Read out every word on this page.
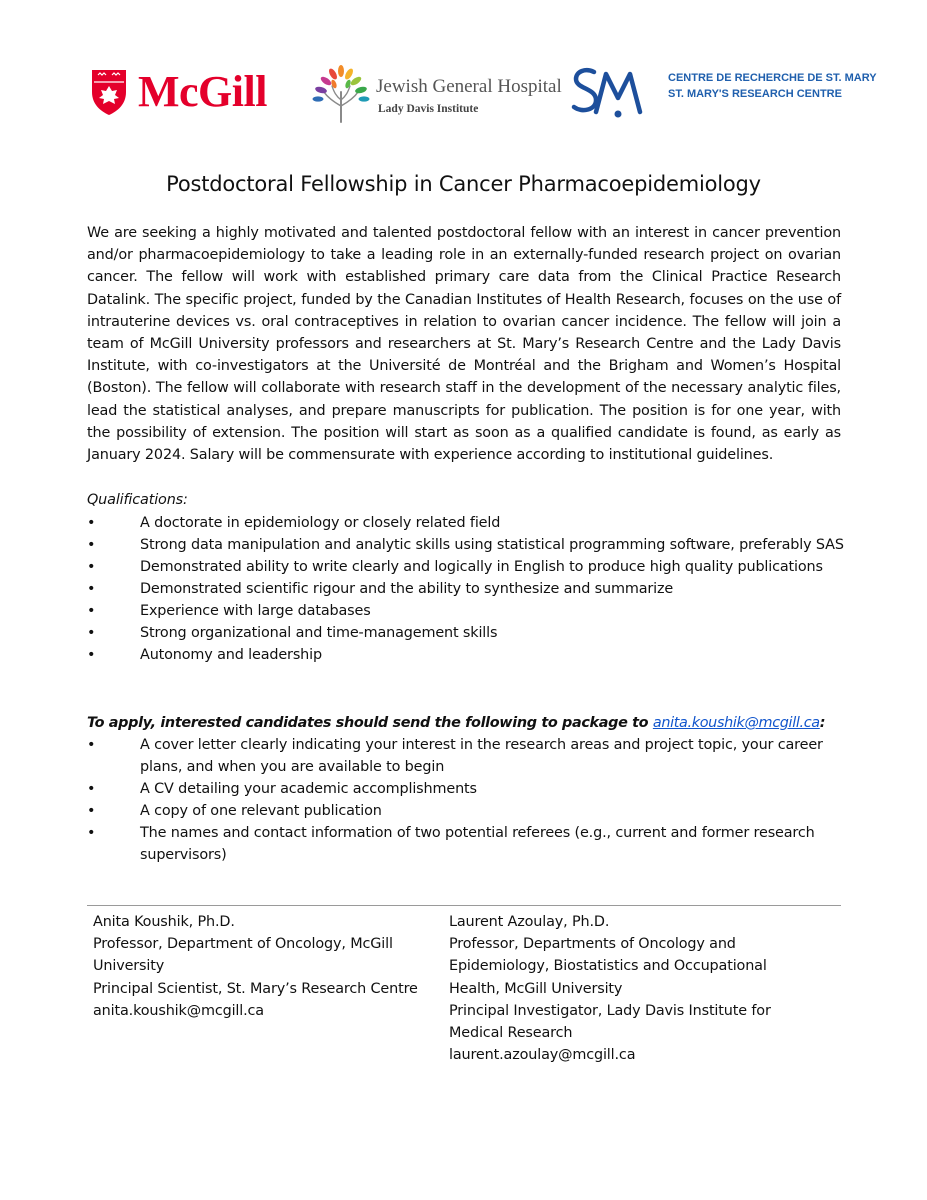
McGill	Jewish General Hospital
Lady Davis Institute
CENTRE DE RECHERCHE DE ST. MARY
ST. MARY'S RESEARCH CENTRE
Postdoctoral Fellowship in Cancer Pharmacoepidemiology
We are seeking a highly motivated and talented postdoctoral fellow with an interest in cancer prevention and/or pharmacoepidemiology to take a leading role in an externally-funded research project on ovarian cancer. The fellow will work with established primary care data from the Clinical Practice Research Datalink. The specific project, funded by the Canadian Institutes of Health Research, focuses on the use of intrauterine devices vs. oral contraceptives in relation to ovarian cancer incidence. The fellow will join a team of McGill University professors and researchers at St. Mary’s Research Centre and the Lady Davis Institute, with co-investigators at the Université de Montréal and the Brigham and Women’s Hospital (Boston). The fellow will collaborate with research staff in the development of the necessary analytic files, lead the statistical analyses, and prepare manuscripts for publication. The position is for one year, with the possibility of extension. The position will start as soon as a qualified candidate is found, as early as January 2024. Salary will be commensurate with experience according to institutional guidelines.
Qualifications:
•	A doctorate in epidemiology or closely related field
•	Strong data manipulation and analytic skills using statistical programming software, preferably SAS
•	Demonstrated ability to write clearly and logically in English to produce high quality publications
•	Demonstrated scientific rigour and the ability to synthesize and summarize
•	Experience with large databases
•	Strong organizational and time-management skills
•	Autonomy and leadership
To apply, interested candidates should send the following to package to anita.koushik@mcgill.ca:
•	A cover letter clearly indicating your interest in the research areas and project topic, your career plans, and when you are available to begin
•	A CV detailing your academic accomplishments
•	A copy of one relevant publication
•	The names and contact information of two potential referees (e.g., current and former research supervisors)
Anita Koushik, Ph.D.
Professor, Department of Oncology, McGill
University
Principal Scientist, St. Mary’s Research Centre
anita.koushik@mcgill.ca
Laurent Azoulay, Ph.D.
Professor, Departments of Oncology and
Epidemiology, Biostatistics and Occupational
Health, McGill University
Principal Investigator, Lady Davis Institute for
Medical Research
laurent.azoulay@mcgill.ca
